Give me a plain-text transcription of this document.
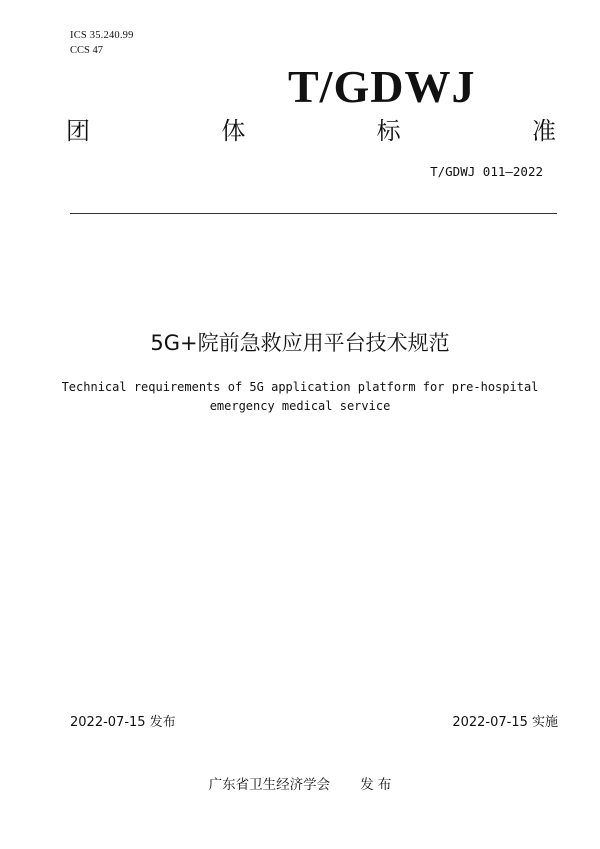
ICS 35.240.99
CCS 47
T/GDWJ
团	体	标	准
T/GDWJ 011—2022
5G+院前急救应用平台技术规范
Technical requirements of 5G application platform for pre-hospital
emergency medical service
2022-07-15 发布	2022-07-15 实施
广东省卫生经济学会 发 布
